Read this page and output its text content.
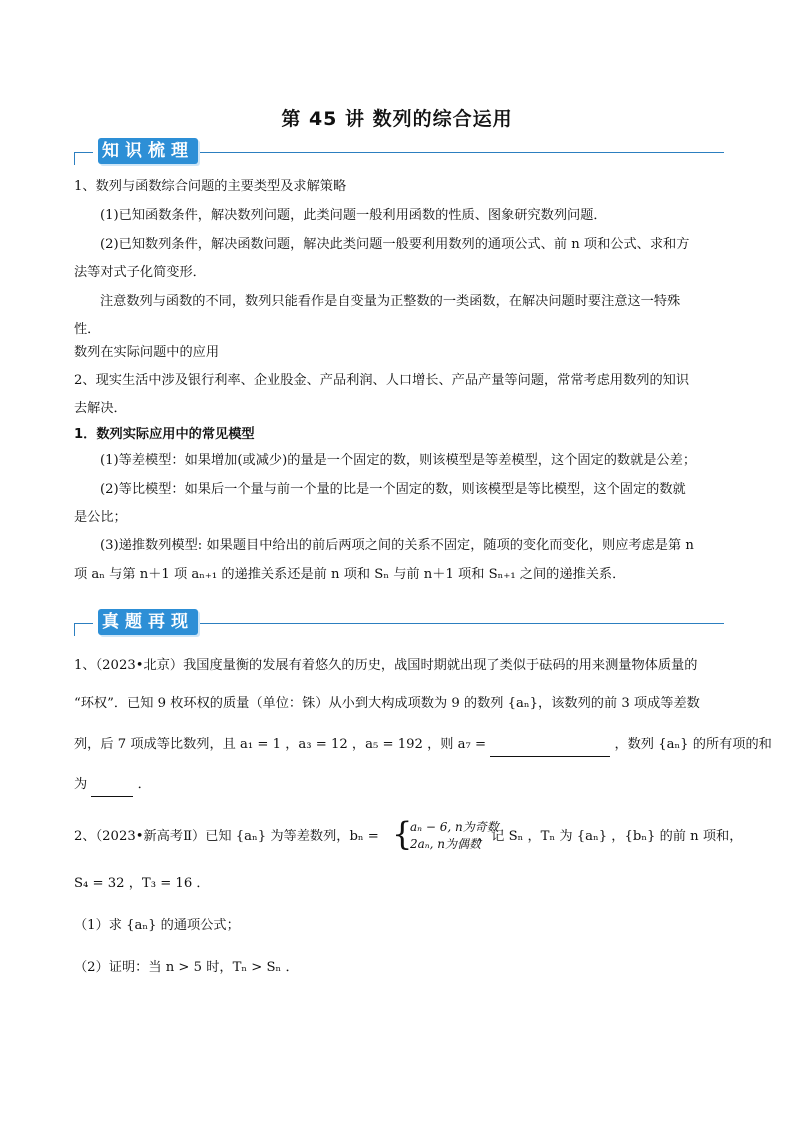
第 45 讲 数列的综合运用
知识梳理
1、数列与函数综合问题的主要类型及求解策略
(1)已知函数条件，解决数列问题，此类问题一般利用函数的性质、图象研究数列问题．
(2)已知数列条件，解决函数问题，解决此类问题一般要利用数列的通项公式、前 n 项和公式、求和方
法等对式子化简变形．
注意数列与函数的不同，数列只能看作是自变量为正整数的一类函数，在解决问题时要注意这一特殊
性．
数列在实际问题中的应用
2、现实生活中涉及银行利率、企业股金、产品利润、人口增长、产品产量等问题，常常考虑用数列的知识
去解决．
1．数列实际应用中的常见模型
(1)等差模型：如果增加(或减少)的量是一个固定的数，则该模型是等差模型，这个固定的数就是公差；
(2)等比模型：如果后一个量与前一个量的比是一个固定的数，则该模型是等比模型，这个固定的数就
是公比；
(3)递推数列模型: 如果题目中给出的前后两项之间的关系不固定，随项的变化而变化，则应考虑是第 n
项 aₙ 与第 n＋1 项 aₙ₊₁ 的递推关系还是前 n 项和 Sₙ 与前 n＋1 项和 Sₙ₊₁ 之间的递推关系．
真题再现
1、（2023•北京）我国度量衡的发展有着悠久的历史，战国时期就出现了类似于砝码的用来测量物体质量的
“环权”．已知 9 枚环权的质量（单位：铢）从小到大构成项数为 9 的数列 {aₙ}，该数列的前 3 项成等差数
列，后 7 项成等比数列，且 a₁ = 1 ，a₃ = 12 ，a₅ = 192 ，则 a₇ =	，数列 {aₙ} 的所有项的和
为	．
2、（2023•新高考Ⅱ）已知 {aₙ} 为等差数列，bₙ = {
aₙ − 6, n为奇数
2aₙ, n为偶数
，记 Sₙ ，Tₙ 为 {aₙ} ，{bₙ} 的前 n 项和，
S₄ = 32 ，T₃ = 16 ．
（1）求 {aₙ} 的通项公式；
（2）证明：当 n > 5 时，Tₙ > Sₙ ．
